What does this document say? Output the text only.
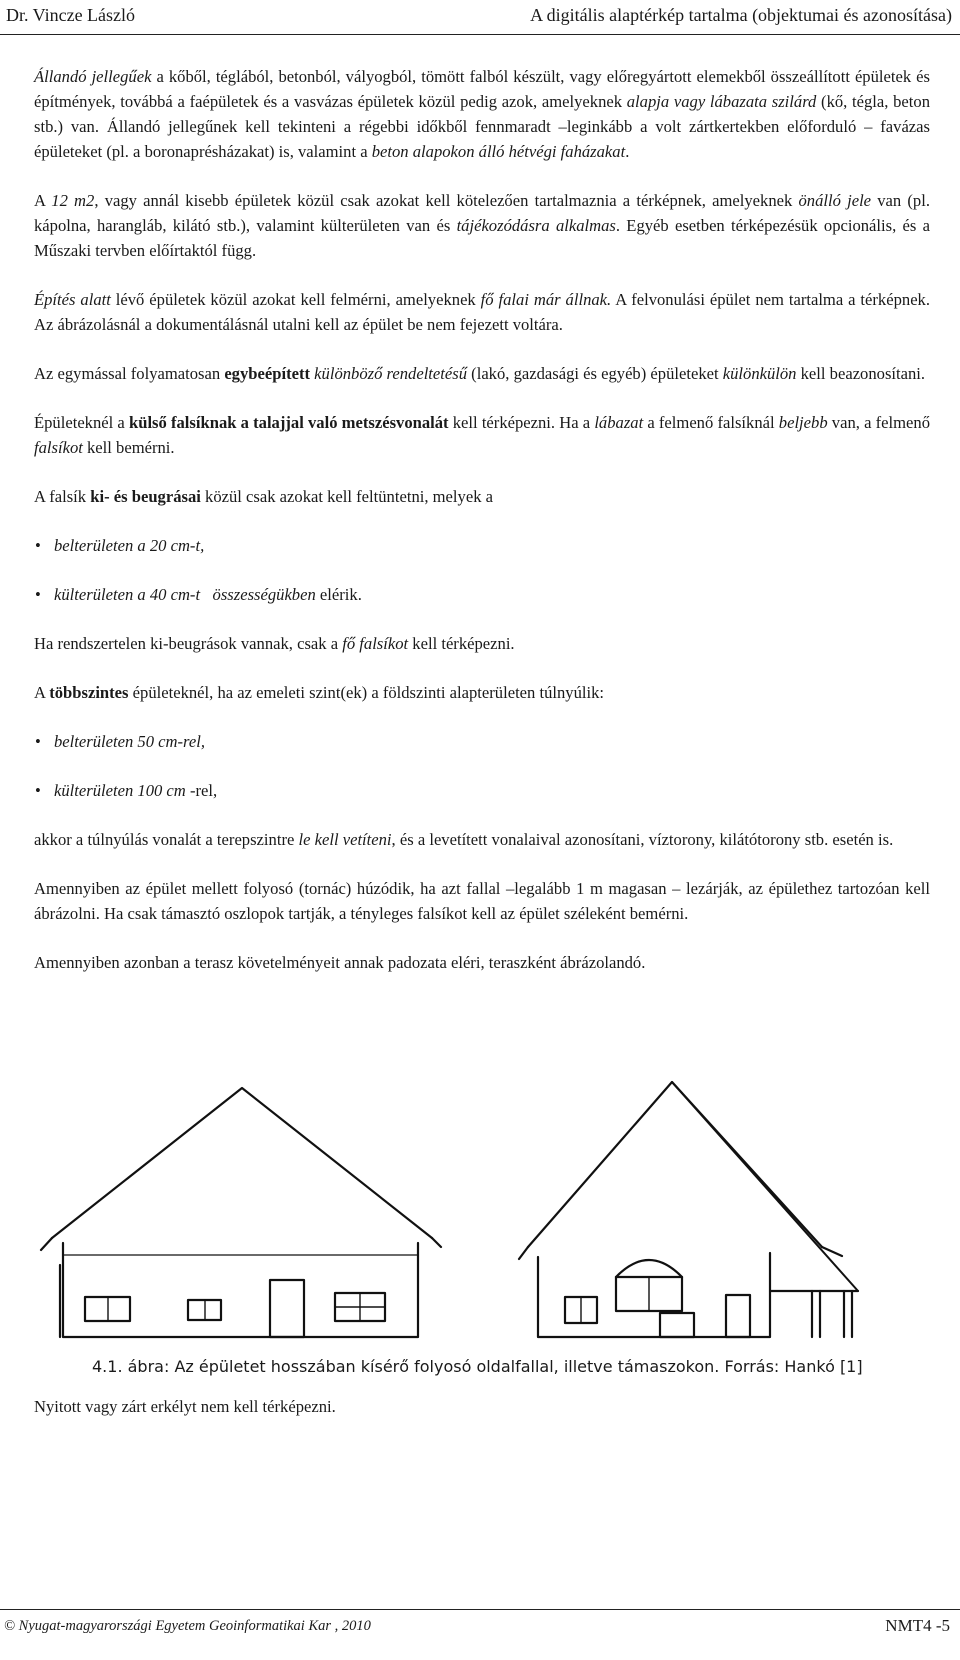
Dr. Vincze László	A digitális alaptérkép tartalma (objektumai és azonosítása)

Állandó jellegűek a kőből, téglából, betonból, vályogból, tömött falból készült, vagy előregyártott elemekből összeállított épületek és építmények, továbbá a faépületek és a vasvázas épületek közül pedig azok, amelyeknek alapja vagy lábazata szilárd (kő, tégla, beton stb.) van. Állandó jellegűnek kell tekinteni a régebbi időkből fennmaradt –leginkább a volt zártkertekben előforduló – favázas épületeket (pl. a boronaprésházakat) is, valamint a beton alapokon álló hétvégi faházakat.

A 12 m2, vagy annál kisebb épületek közül csak azokat kell kötelezően tartalmaznia a térképnek, amelyeknek önálló jele van (pl. kápolna, harangláb, kilátó stb.), valamint külterületen van és tájékozódásra alkalmas. Egyéb esetben térképezésük opcionális, és a Műszaki tervben előírtaktól függ.

Építés alatt lévő épületek közül azokat kell felmérni, amelyeknek fő falai már állnak. A felvonulási épület nem tartalma a térképnek. Az ábrázolásnál a dokumentálásnál utalni kell az épület be nem fejezett voltára.

Az egymással folyamatosan egybeépített különböző rendeltetésű (lakó, gazdasági és egyéb) épületeket különkülön kell beazonosítani.

Épületeknél a külső falsíknak a talajjal való metszésvonalát kell térképezni. Ha a lábazat a felmenő falsíknál beljebb van, a felmenő falsíkot kell bemérni.

A falsík ki- és beugrásai közül csak azokat kell feltüntetni, melyek a

• belterületen a 20 cm-t,
• külterületen a 40 cm-t összességükben elérik.

Ha rendszertelen ki-beugrások vannak, csak a fő falsíkot kell térképezni.

A többszintes épületeknél, ha az emeleti szint(ek) a földszinti alapterületen túlnyúlik:

• belterületen 50 cm-rel,
• külterületen 100 cm -rel,

akkor a túlnyúlás vonalát a terepszintre le kell vetíteni, és a levetített vonalaival azonosítani, víztorony, kilátótorony stb. esetén is.

Amennyiben az épület mellett folyosó (tornác) húzódik, ha azt fallal –legalább 1 m magasan – lezárják, az épülethez tartozóan kell ábrázolni. Ha csak támasztó oszlopok tartják, a tényleges falsíkot kell az épület széleként bemérni.

Amennyiben azonban a terasz követelményeit annak padozata eléri, teraszként ábrázolandó.

4.1. ábra: Az épületet hosszában kísérő folyosó oldalfallal, illetve támaszokon. Forrás: Hankó [1]
Nyitott vagy zárt erkélyt nem kell térképezni.
© Nyugat-magyarországi Egyetem Geoinformatikai Kar , 2010	NMT4 -5
